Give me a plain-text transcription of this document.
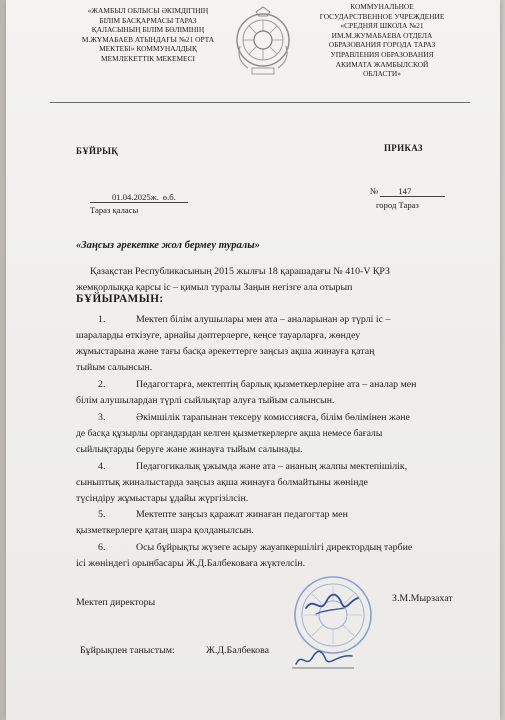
«ЖАМБЫЛ ОБЛЫСЫ ӘКІМДІГІНІҢ
БІЛІМ БАСҚАРМАСЫ ТАРАЗ
ҚАЛАСЫНЫҢ БІЛІМ БӨЛІМІНІҢ
М.ЖҰМАБАЕВ АТЫНДАҒЫ №21 ОРТА
МЕКТЕБІ» КОММУНАЛДЫҚ
МЕМЛЕКЕТТІК МЕКЕМЕСІ
КОММУНАЛЬНОЕ
ГОСУДАРСТВЕННОЕ УЧРЕЖДЕНИЕ
«СРЕДНЯЯ ШКОЛА №21
ИМ.М.ЖУМАБАЕВА ОТДЕЛА
ОБРАЗОВАНИЯ ГОРОДА ТАРАЗ
УПРАВЛЕНИЯ ОБРАЗОВАНИЯ
АКИМАТА ЖАМБЫЛСКОЙ
ОБЛАСТИ»
БҰЙРЫҚ	ПРИКАЗ
01.04.2025ж. ө.б.
Тараз қаласы
№ 147
город Тараз
«Заңсыз әрекетке жол бермеу туралы»
Қазақстан Республикасының 2015 жылғы 18 қарашадағы № 410-V ҚРЗ
жемқорлыққа қарсы іс – қимыл туралы Заңын негізге ала отырып
БҰЙЫРАМЫН:
1.	Мектеп білім алушылары мен ата – аналарынан әр түрлі іс –
шараларды өткізуге, арнайы дәптерлерге, кеңсе тауарларға, жөндеу
жұмыстарына және тағы басқа әрекеттерге заңсыз ақша жинауға қатаң
тыйым салынсын.
2.	Педагогтарға, мектептің барлық қызметкерлеріне ата – аналар мен
білім алушылардан түрлі сыйлықтар алуға тыйым салынсын.
3.	Әкімшілік тарапынан тексеру комиссиясға, білім бөлімінен және
де басқа құзырлы органдардан келген қызметкерлерге ақша немесе бағалы
сыйлықтарды беруге және жинауға тыйым салынады.
4.	Педагогикалық ұжымда және ата – ананың жалпы мектепішілік,
сыныптық жиналыстарда заңсыз ақша жинауға болмайтыны жөнінде
түсіндіру жұмыстары ұдайы жүргізілсін.
5.	Мектепте заңсыз қаражат жинаған педагогтар мен
қызметкерлерге қатаң шара қолданылсын.
6.	Осы бұйрықты жүзеге асыру жауапкершілігі директордың тәрбие
ісі жөніндегі орынбасары Ж.Д.Балбековаға жүктелсін.
Мектеп директоры	З.М.Мырзахат
Бұйрықпен таныстым:	Ж.Д.Балбекова
